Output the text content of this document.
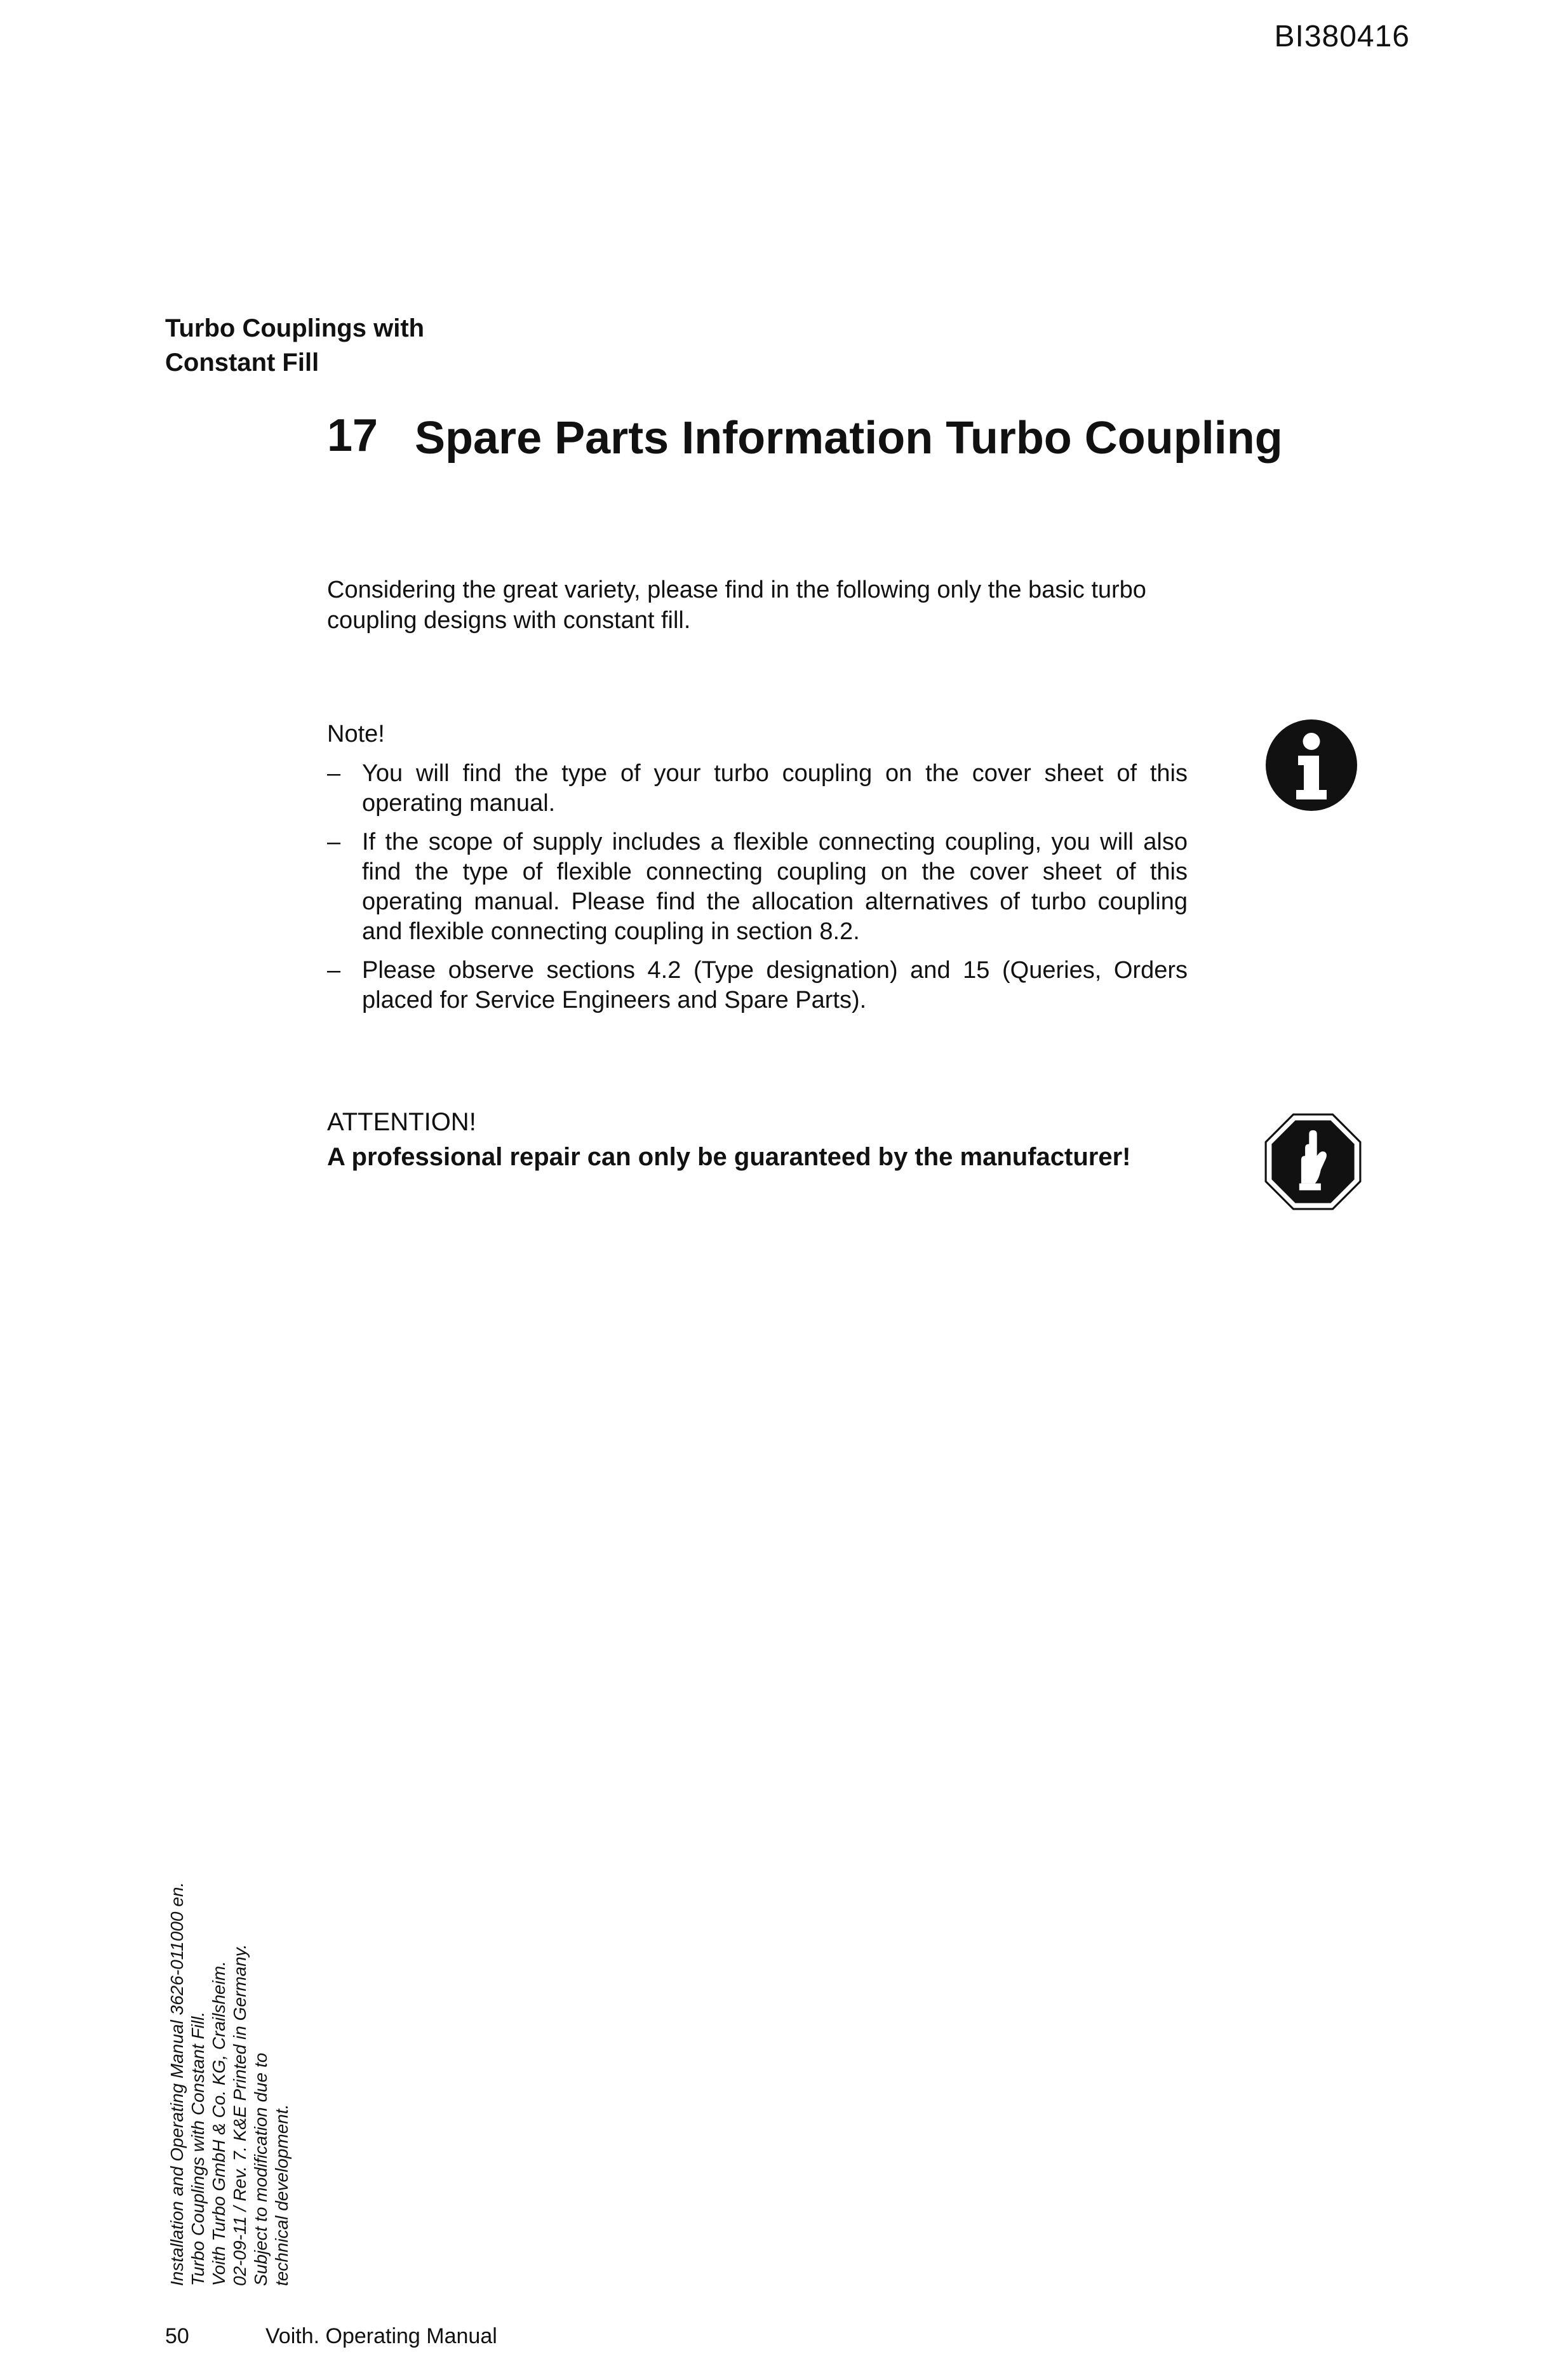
BI380416
Turbo Couplings with
Constant Fill
17 Spare Parts Information Turbo Coupling
Considering the great variety, please find in the following only the basic turbo coupling designs with constant fill.
Note!
– You will find the type of your turbo coupling on the cover sheet of this operating manual.
– If the scope of supply includes a flexible connecting coupling, you will also find the type of flexible connecting coupling on the cover sheet of this operating manual. Please find the allocation alternatives of turbo coupling and flexible connecting coupling in section 8.2.
– Please observe sections 4.2 (Type designation) and 15 (Queries, Orders placed for Service Engineers and Spare Parts).
ATTENTION!
A professional repair can only be guaranteed by the manufacturer!
Installation and Operating Manual 3626-011000 en. Turbo Couplings with Constant Fill. Voith Turbo GmbH & Co. KG, Crailsheim. 02-09-11 / Rev. 7. K&E Printed in Germany. Subject to modification due to technical development.
50	Voith. Operating Manual
